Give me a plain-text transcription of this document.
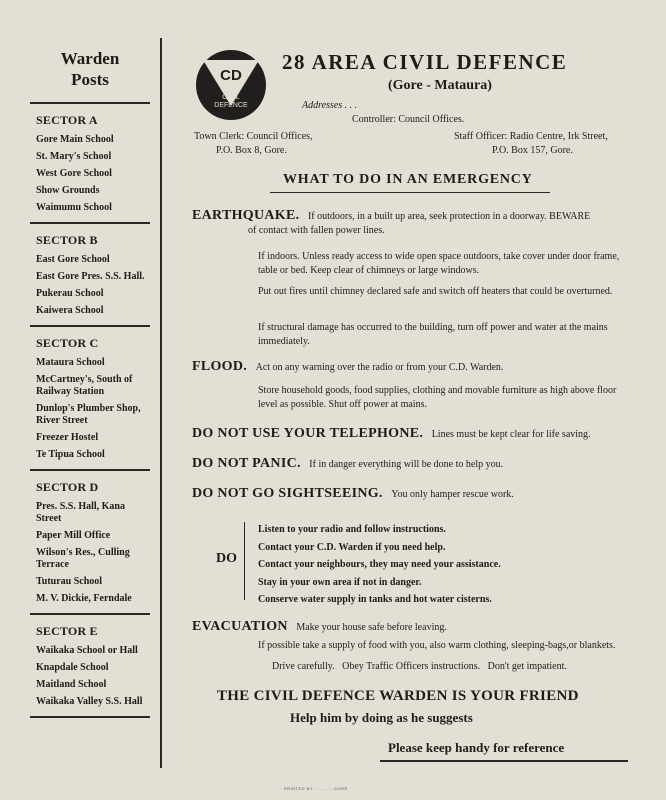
Warden
Posts
SECTOR A
Gore Main School
St. Mary's School
West Gore School
Show Grounds
Waimumu School
SECTOR B
East Gore School
East Gore Pres. S.S. Hall.
Pukerau School
Kaiwera School
SECTOR C
Mataura School
McCartney's, South of Railway Station
Dunlop's Plumber Shop, River Street
Freezer Hostel
Te Tipua School
SECTOR D
Pres. S.S. Hall, Kana Street
Paper Mill Office
Wilson's Res., Culling Terrace
Tuturau School
M. V. Dickie, Ferndale
SECTOR E
Waikaka School or Hall
Knapdale School
Maitland School
Waikaka Valley S.S. Hall
CD
CIVIL
DEFENCE
28 AREA CIVIL DEFENCE
(Gore - Mataura)
Addresses . . .
Controller: Council Offices.
Town Clerk: Council Offices,
P.O. Box 8, Gore.
Staff Officer: Radio Centre, Irk Street,
P.O. Box 157, Gore.
WHAT TO DO IN AN EMERGENCY
EARTHQUAKE. If outdoors, in a built up area, seek protection in a doorway. BEWARE
of contact with fallen power lines.
If indoors. Unless ready access to wide open space outdoors, take cover under door frame, table or bed. Keep clear of chimneys or large windows.
Put out fires until chimney declared safe and switch off heaters that could be overturned.
If structural damage has occurred to the building, turn off power and water at the mains immediately.
FLOOD. Act on any warning over the radio or from your C.D. Warden.
Store household goods, food supplies, clothing and movable furniture as high above floor level as possible. Shut off power at mains.
DO NOT USE YOUR TELEPHONE. Lines must be kept clear for life saving.
DO NOT PANIC. If in danger everything will be done to help you.
DO NOT GO SIGHTSEEING. You only hamper rescue work.
DO
Listen to your radio and follow instructions.
Contact your C.D. Warden if you need help.
Contact your neighbours, they may need your assistance.
Stay in your own area if not in danger.
Conserve water supply in tanks and hot water cisterns.
EVACUATION Make your house safe before leaving.
If possible take a supply of food with you, also warm clothing, sleeping-bags,or blankets.
Drive carefully.   Obey Traffic Officers instructions.   Don't get impatient.
THE CIVIL DEFENCE WARDEN IS YOUR FRIEND
Help him by doing as he suggests
Please keep handy for reference
PRINTED BY ........... GORE
